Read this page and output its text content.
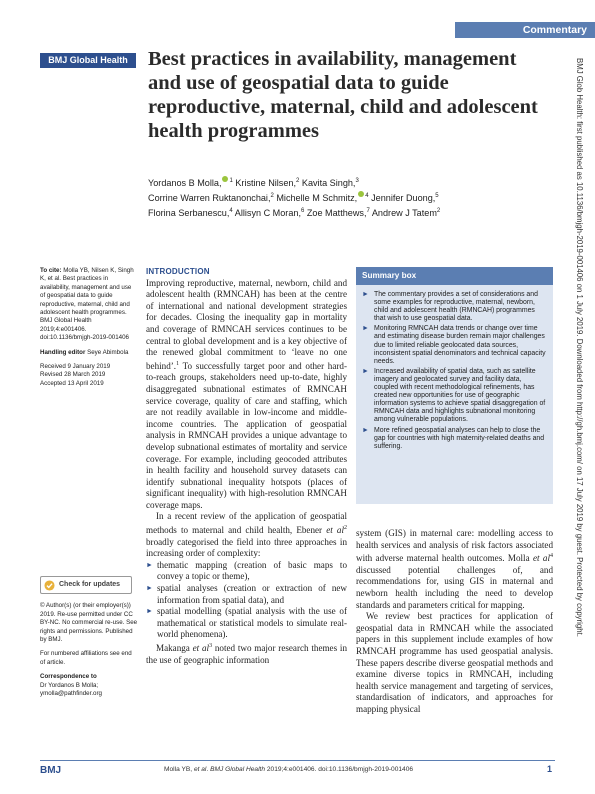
Commentary
BMJ Global Health Best practices in availability, management and use of geospatial data to guide reproductive, maternal, child and adolescent health programmes
Yordanos B Molla, $^1$ Kristine Nilsen,$^2$ Kavita Singh,$^3$
Corrine Warren Ruktanonchai,$^2$ Michelle M Schmitz, $^4$ Jennifer Duong,$^5$
Florina Serbanescu,$^4$ Allisyn C Moran,$^6$ Zoe Matthews,$^7$ Andrew J Tatem$^2$

To cite: Molla YB, Nilsen K, Singh K, et al. Best practices in availability, management and use of geospatial data to guide reproductive, maternal, child and adolescent health programmes. BMJ Global Health 2019;4:e001406. doi:10.1136/bmjgh-2019-001406

Handling editor Seye Abimbola

Received 9 January 2019
Revised 28 March 2019
Accepted 13 April 2019

Check for updates

© Author(s) (or their employer(s)) 2019. Re-use permitted under CC BY-NC. No commercial re-use. See rights and permissions. Published by BMJ.

For numbered affiliations see end of article.

Correspondence to
Dr Yordanos B Molla;
ymolla@pathfinder.org

INTRODUCTION

Improving reproductive, maternal, newborn, child and adolescent health (RMNCAH) has been at the centre of international and national development strategies for decades. Closing the inequality gap in mortality and coverage of RMNCAH services continues to be central to global development and is a key objective of the renewed global commitment to ‘leave no one behind’.$^1$ To successfully target poor and other hard-to-reach groups, stakeholders need up-to-date, highly disaggregated subnational estimates of RMNCAH service coverage, quality of care and staffing, which are not readily available in low-income and middle-income countries. The application of geospatial analysis in RMNCAH provides a unique advantage to develop subnational estimates of mortality and service coverage. For example, including geocoded attributes in health facility and household survey datasets can identify subnational inequality hotspots (places of significant inequality) with high-resolution RMNCAH coverage maps.

In a recent review of the application of geospatial methods to maternal and child health, Ebener et $al^2$ broadly categorised the field into three approaches in increasing order of complexity:

► thematic mapping (creation of basic maps to convey a topic or theme),
► spatial analyses (creation or extraction of new information from spatial data), and
► spatial modelling (spatial analysis with the use of mathematical or statistical models to simulate real-world phenomena).

Makanga et $al^3$ noted two major research themes in the use of geographic information

Summary box
► The commentary provides a set of considerations and some examples for reproductive, maternal, newborn, child and adolescent health (RMNCAH) programmes that wish to use geospatial data.
► Monitoring RMNCAH data trends or change over time and estimating disease burden remain major challenges due to limited reliable geolocated data sources, inconsistent spatial denominators and technical capacity needs.
► Increased availability of spatial data, such as satellite imagery and geolocated survey and facility data, coupled with recent methodological refinements, has created new opportunities for use of geographic information systems to achieve spatial disaggregation of RMNCAH data and highlights subnational monitoring among vulnerable populations.
► More refined geospatial analyses can help to close the gap for countries with high maternity-related deaths and suffering.

system (GIS) in maternal care: modelling access to health services and analysis of risk factors associated with adverse maternal health outcomes. Molla et $al^4$ discussed potential challenges of, and recommendations for, using GIS in maternal and newborn health including the need to develop standards and parameters critical for mapping.

We review best practices for application of geospatial data in RMNCAH while the associated papers in this supplement include examples of how RMNCAH programme has used geospatial analysis. These papers describe diverse geospatial methods and examine diverse topics in RMNCAH, including health service management and targeting of services, standardisation of indicators, and approaches for mapping physical

BMJ Glob Health: first published as 10.1136/bmjgh-2019-001406 on 1 July 2019. Downloaded from http://gh.bmj.com/ on 17 July 2019 by guest. Protected by copyright.
BMJ	Molla YB, et al. BMJ Global Health 2019;4:e001406. doi:10.1136/bmjgh-2019-001406	1
